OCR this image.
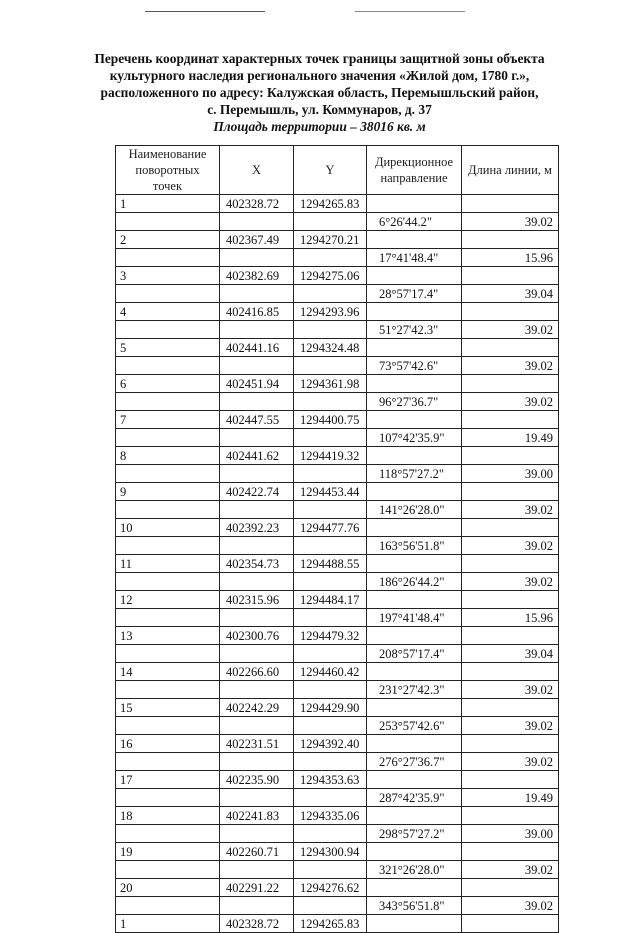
Перечень координат характерных точек границы защитной зоны объекта
культурного наследия регионального значения «Жилой дом, 1780 г.»,
расположенного по адресу: Калужская область, Перемышльский район,
с. Перемышль, ул. Коммунаров, д. 37
Площадь территории – 38016 кв. м
Наименование поворотных точек	X	Y	Дирекционное направление	Длина линии, м
1	402328.72	1294265.83		
			6°26'44.2"	39.02
2	402367.49	1294270.21		
			17°41'48.4"	15.96
3	402382.69	1294275.06		
			28°57'17.4"	39.04
4	402416.85	1294293.96		
			51°27'42.3"	39.02
5	402441.16	1294324.48		
			73°57'42.6"	39.02
6	402451.94	1294361.98		
			96°27'36.7"	39.02
7	402447.55	1294400.75		
			107°42'35.9"	19.49
8	402441.62	1294419.32		
			118°57'27.2"	39.00
9	402422.74	1294453.44		
			141°26'28.0"	39.02
10	402392.23	1294477.76		
			163°56'51.8"	39.02
11	402354.73	1294488.55		
			186°26'44.2"	39.02
12	402315.96	1294484.17		
			197°41'48.4"	15.96
13	402300.76	1294479.32		
			208°57'17.4"	39.04
14	402266.60	1294460.42		
			231°27'42.3"	39.02
15	402242.29	1294429.90		
			253°57'42.6"	39.02
16	402231.51	1294392.40		
			276°27'36.7"	39.02
17	402235.90	1294353.63		
			287°42'35.9"	19.49
18	402241.83	1294335.06		
			298°57'27.2"	39.00
19	402260.71	1294300.94		
			321°26'28.0"	39.02
20	402291.22	1294276.62		
			343°56'51.8"	39.02
1	402328.72	1294265.83		
